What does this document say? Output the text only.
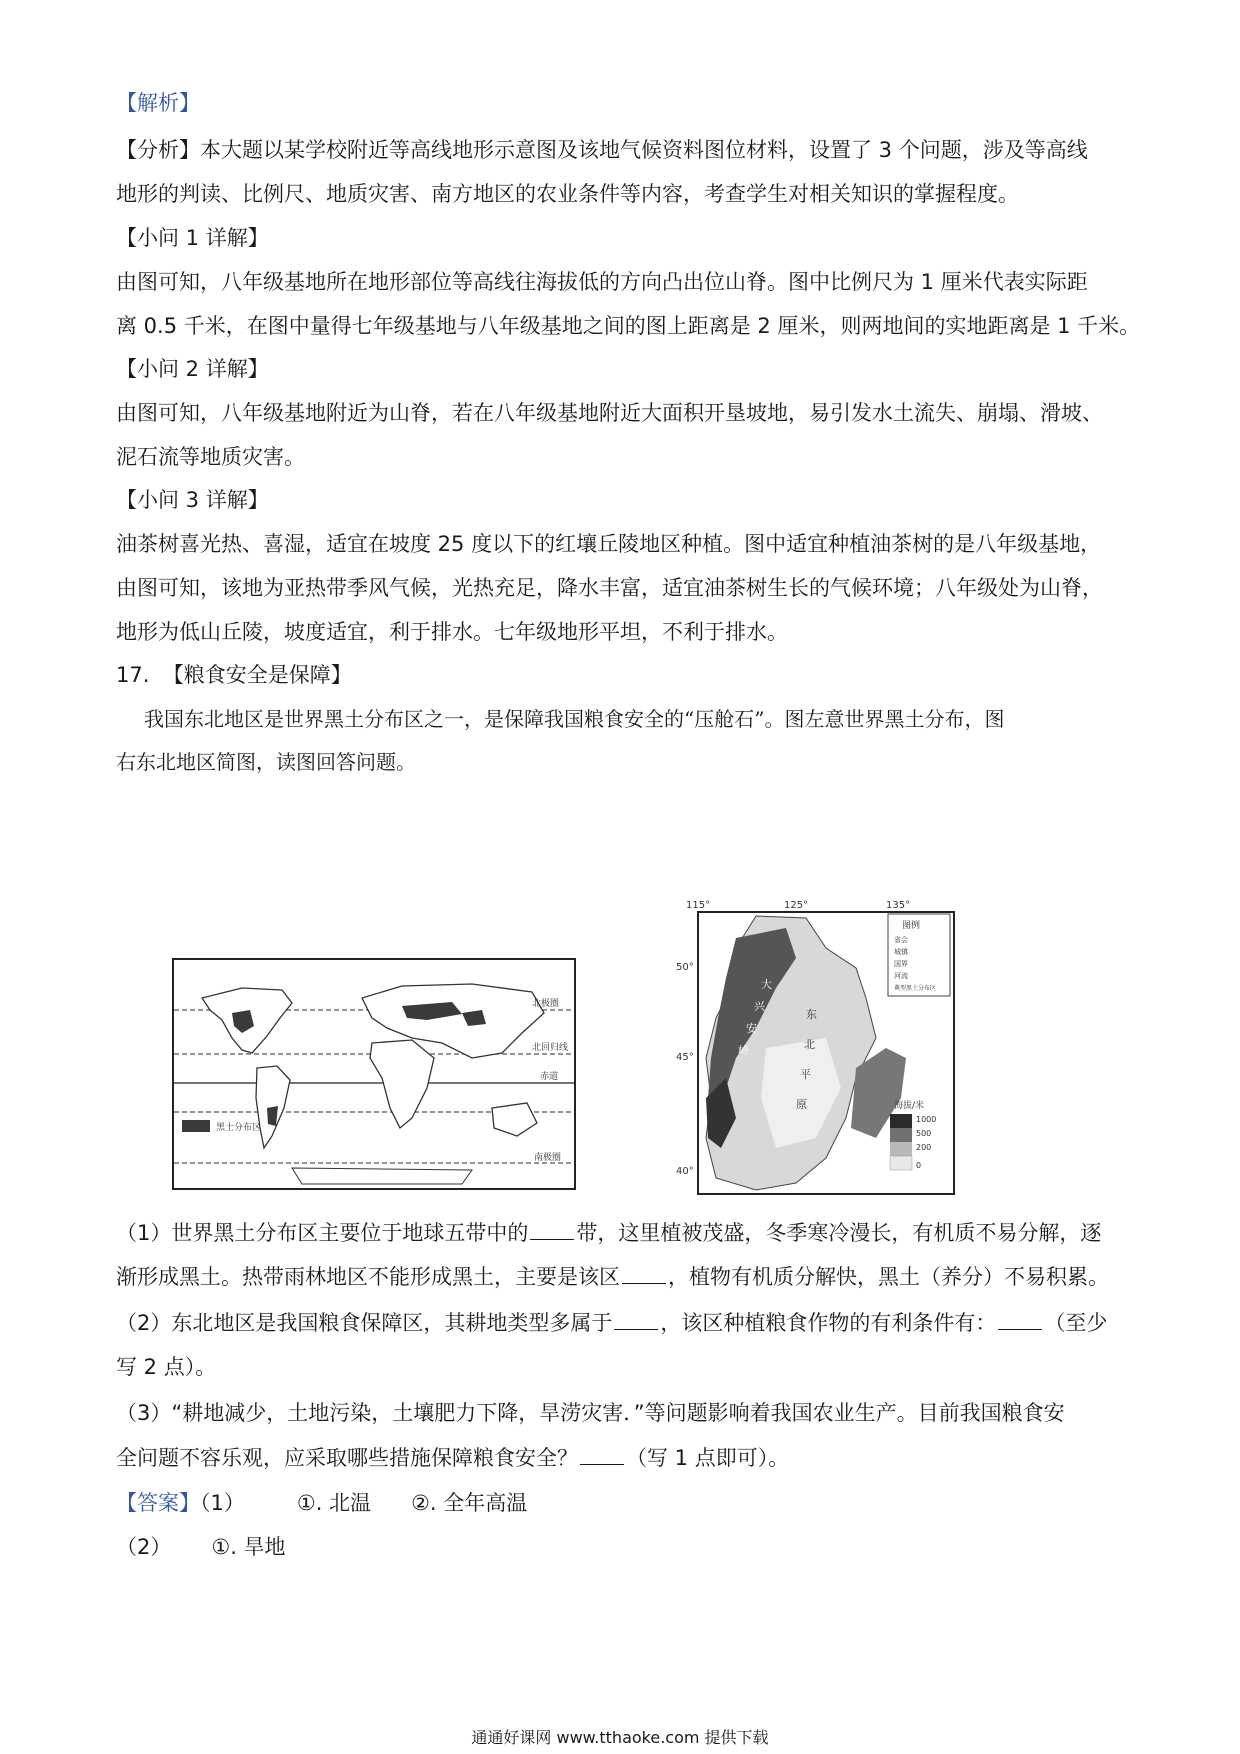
【解析】
【分析】本大题以某学校附近等高线地形示意图及该地气候资料图位材料，设置了 3 个问题，涉及等高线
地形的判读、比例尺、地质灾害、南方地区的农业条件等内容，考查学生对相关知识的掌握程度。
【小问 1 详解】
由图可知，八年级基地所在地形部位等高线往海拔低的方向凸出位山脊。图中比例尺为 1 厘米代表实际距
离 0.5 千米，在图中量得七年级基地与八年级基地之间的图上距离是 2 厘米，则两地间的实地距离是 1 千米。
【小问 2 详解】
由图可知，八年级基地附近为山脊，若在八年级基地附近大面积开垦坡地，易引发水土流失、崩塌、滑坡、
泥石流等地质灾害。
【小问 3 详解】
油茶树喜光热、喜湿，适宜在坡度 25 度以下的红壤丘陵地区种植。图中适宜种植油茶树的是八年级基地，
由图可知，该地为亚热带季风气候，光热充足，降水丰富，适宜油茶树生长的气候环境；八年级处为山脊，
地形为低山丘陵，坡度适宜，利于排水。七年级地形平坦，不利于排水。
17. 【粮食安全是保障】
我国东北地区是世界黑土分布区之一，是保障我国粮食安全的“压舱石”。图左意世界黑土分布，图
右东北地区简图，读图回答问题。
北极圈
北回归线
赤道
南极圈
黑土分布区
115°	125°	135°
50°
45°
40°
大
兴
安
岭
东
北
平
原
图例
省会
城镇
国界
河流
典型黑土分布区
海拔/米
1000
500
200
0
（1）世界黑土分布区主要位于地球五带中的 带，这里植被茂盛，冬季寒冷漫长，有机质不易分解，逐
渐形成黑土。热带雨林地区不能形成黑土，主要是该区 ，植物有机质分解快，黑土（养分）不易积累。
（2）东北地区是我国粮食保障区，其耕地类型多属于 ，该区种植粮食作物的有利条件有： （至少
写 2 点）。
（3）“耕地减少，土地污染，土壤肥力下降，旱涝灾害．”等问题影响着我国农业生产。目前我国粮食安
全问题不容乐观，应采取哪些措施保障粮食安全？ （写 1 点即可）。
【答案】（1） ①. 北温 ②. 全年高温
（2） ①. 旱地
通通好课网 www.tthaoke.com 提供下载
